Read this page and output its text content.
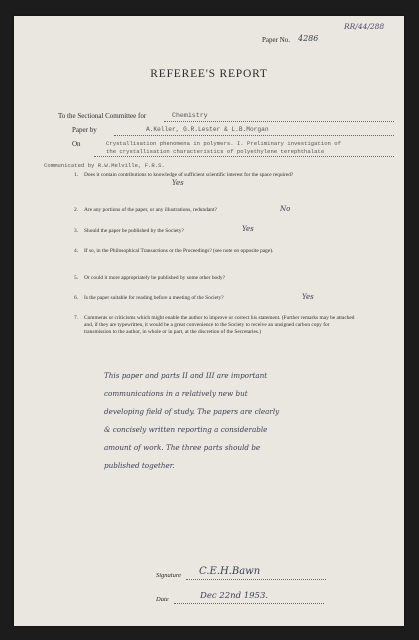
RR/44/288
Paper No. 4286
REFEREE'S REPORT
To the Sectional Committee for	Chemistry
Paper by	A.Keller, G.R.Lester & L.B.Morgan
On	Crystallisation phenomena in polymers. I. Preliminary investigation of
the crystallisation characteristics of polyethylene terephthalate
Communicated by R.W.Melville, F.R.S.
1. Does it contain contributions to knowledge of sufficient scientific interest for the space required?
Yes
2. Are any portions of the paper, or any illustrations, redundant?	No
3. Should the paper be published by the Society?	Yes
4. If so, in the Philosophical Transactions or the Proceedings? (see note on opposite page).
5. Or could it more appropriately be published by some other body?
6. Is the paper suitable for reading before a meeting of the Society?	Yes
7. Comments or criticisms which might enable the author to improve or correct his statement. (Further remarks may be attached and, if they are typewritten, it would be a great convenience to the Society to receive an unsigned carbon copy for transmission to the author, in whole or in part, at the discretion of the Secretaries.)
This paper and parts II and III are important
communications in a relatively new but
developing field of study. The papers are clearly
& concisely written reporting a considerable
amount of work. The three parts should be
published together.
Signature C.E.H.Bawn
Date	Dec 22nd 1953.
